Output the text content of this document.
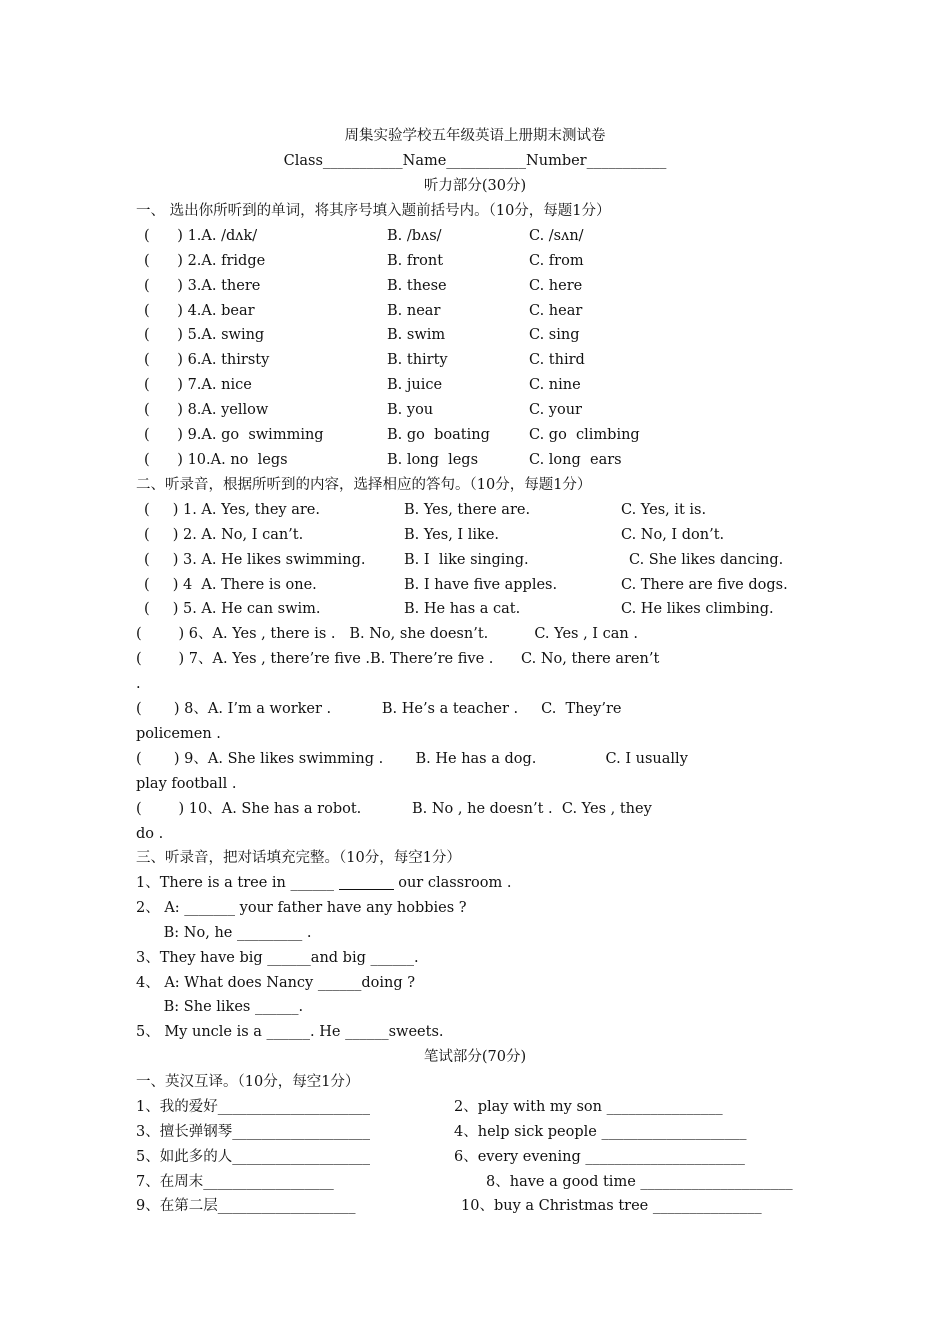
周集实验学校五年级英语上册期末测试卷
Class___________Name___________Number___________
听力部分(30分)
一、 选出你所听到的单词，将其序号填入题前括号内。（10分，每题1分）
(      ) 1.A. /dʌk/	B. /bʌs/	C. /sʌn/
(      ) 2.A. fridge	B. front	C. from
(      ) 3.A. there	B. these	C. here
(      ) 4.A. bear	B. near	C. hear
(      ) 5.A. swing	B. swim	C. sing
(      ) 6.A. thirsty	B. thirty	C. third
(      ) 7.A. nice	B. juice	C. nine
(      ) 8.A. yellow	B. you	C. your
(      ) 9.A. go  swimming	B. go  boating	C. go  climbing
(      ) 10.A. no  legs	B. long  legs	C. long  ears
二、听录音，根据所听到的内容，选择相应的答句。（10分，每题1分）
(     ) 1. A. Yes, they are.	B. Yes, there are.	C. Yes, it is.
(     ) 2. A. No, I can’t.	B. Yes, I like.	C. No, I don’t.
(     ) 3. A. He likes swimming.	B. I  like singing.	C. She likes dancing.
(     ) 4  A. There is one.	B. I have five apples.	C. There are five dogs.
(     ) 5. A. He can swim.	B. He has a cat.	C. He likes climbing.
(        ) 6、A. Yes , there is .   B. No, she doesn’t.          C. Yes , I can .
(        ) 7、A. Yes , there’re five .B. There’re five .      C. No, there aren’t
.
(       ) 8、A. I’m a worker .           B. He’s a teacher .     C.  They’re
policemen .
(       ) 9、A. She likes swimming .       B. He has a dog.               C. I usually
play football .
(        ) 10、A. She has a robot.           B. No , he doesn’t .  C. Yes , they
do .
三、听录音，把对话填充完整。（10分，每空1分）
1、There is a tree in ______	our classroom .
2、 A: _______ your father have any hobbies ?
B: No, he _________ .
3、They have big ______and big ______.
4、 A: What does Nancy ______doing ?
B: She likes ______.
5、 My uncle is a ______. He ______sweets.
笔试部分(70分)
一、英汉互译。（10分，每空1分）
1、我的爱好_____________________	2、play with my son ________________
3、擅长弹钢琴___________________	4、help sick people ____________________
5、如此多的人___________________	6、every evening ______________________
7、在周末__________________	8、have a good time _____________________
9、在第二层___________________	10、buy a Christmas tree _______________
